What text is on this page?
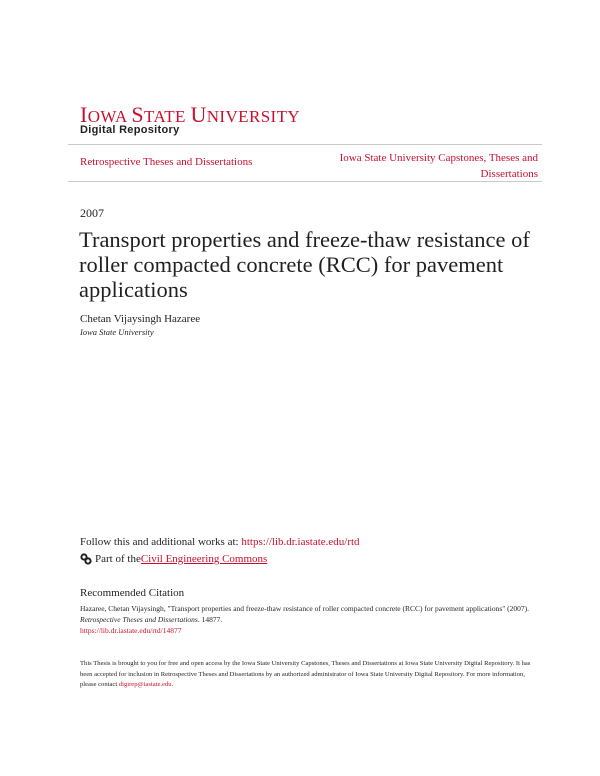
IOWA STATE UNIVERSITY
Digital Repository
Retrospective Theses and Dissertations	Iowa State University Capstones, Theses and Dissertations
2007
Transport properties and freeze-thaw resistance of roller compacted concrete (RCC) for pavement applications
Chetan Vijaysingh Hazaree
Iowa State University
Follow this and additional works at: https://lib.dr.iastate.edu/rtd
Part of the Civil Engineering Commons
Recommended Citation
Hazaree, Chetan Vijaysingh, "Transport properties and freeze-thaw resistance of roller compacted concrete (RCC) for pavement applications" (2007). Retrospective Theses and Dissertations. 14877.
https://lib.dr.iastate.edu/rtd/14877
This Thesis is brought to you for free and open access by the Iowa State University Capstones, Theses and Dissertations at Iowa State University Digital Repository. It has been accepted for inclusion in Retrospective Theses and Dissertations by an authorized administrator of Iowa State University Digital Repository. For more information, please contact digirep@iastate.edu.
